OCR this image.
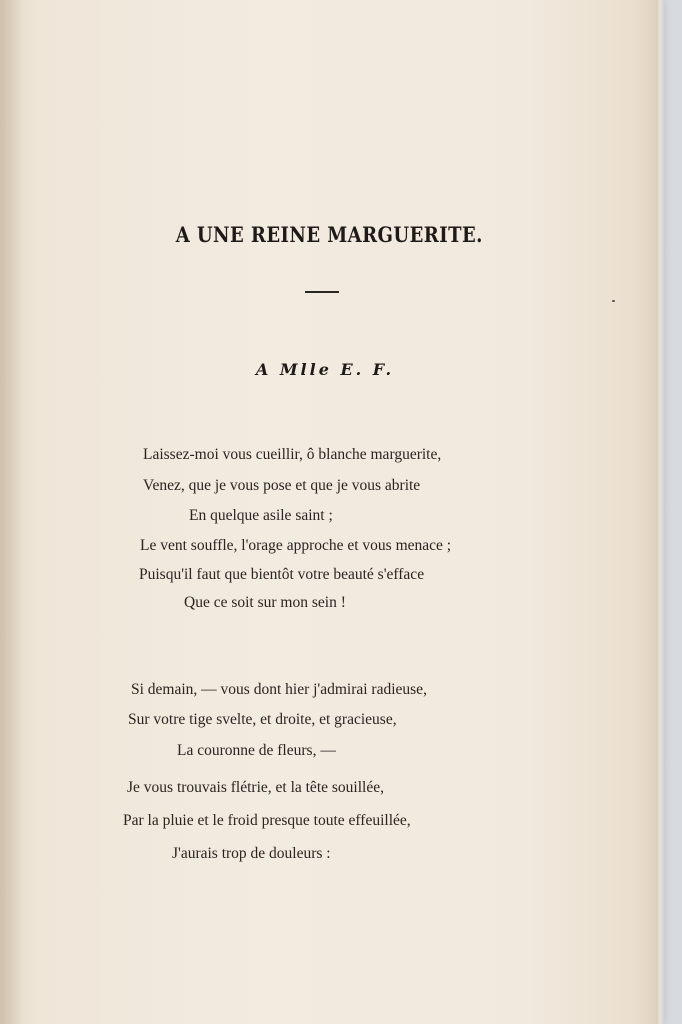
A UNE REINE MARGUERITE.
A Mlle E. F.
Laissez-moi vous cueillir, ô blanche marguerite,
Venez, que je vous pose et que je vous abrite
En quelque asile saint ;
Le vent souffle, l'orage approche et vous menace ;
Puisqu'il faut que bientôt votre beauté s'efface
Que ce soit sur mon sein !
Si demain, — vous dont hier j'admirai radieuse,
Sur votre tige svelte, et droite, et gracieuse,
La couronne de fleurs, —
Je vous trouvais flétrie, et la tête souillée,
Par la pluie et le froid presque toute effeuillée,
J'aurais trop de douleurs :
